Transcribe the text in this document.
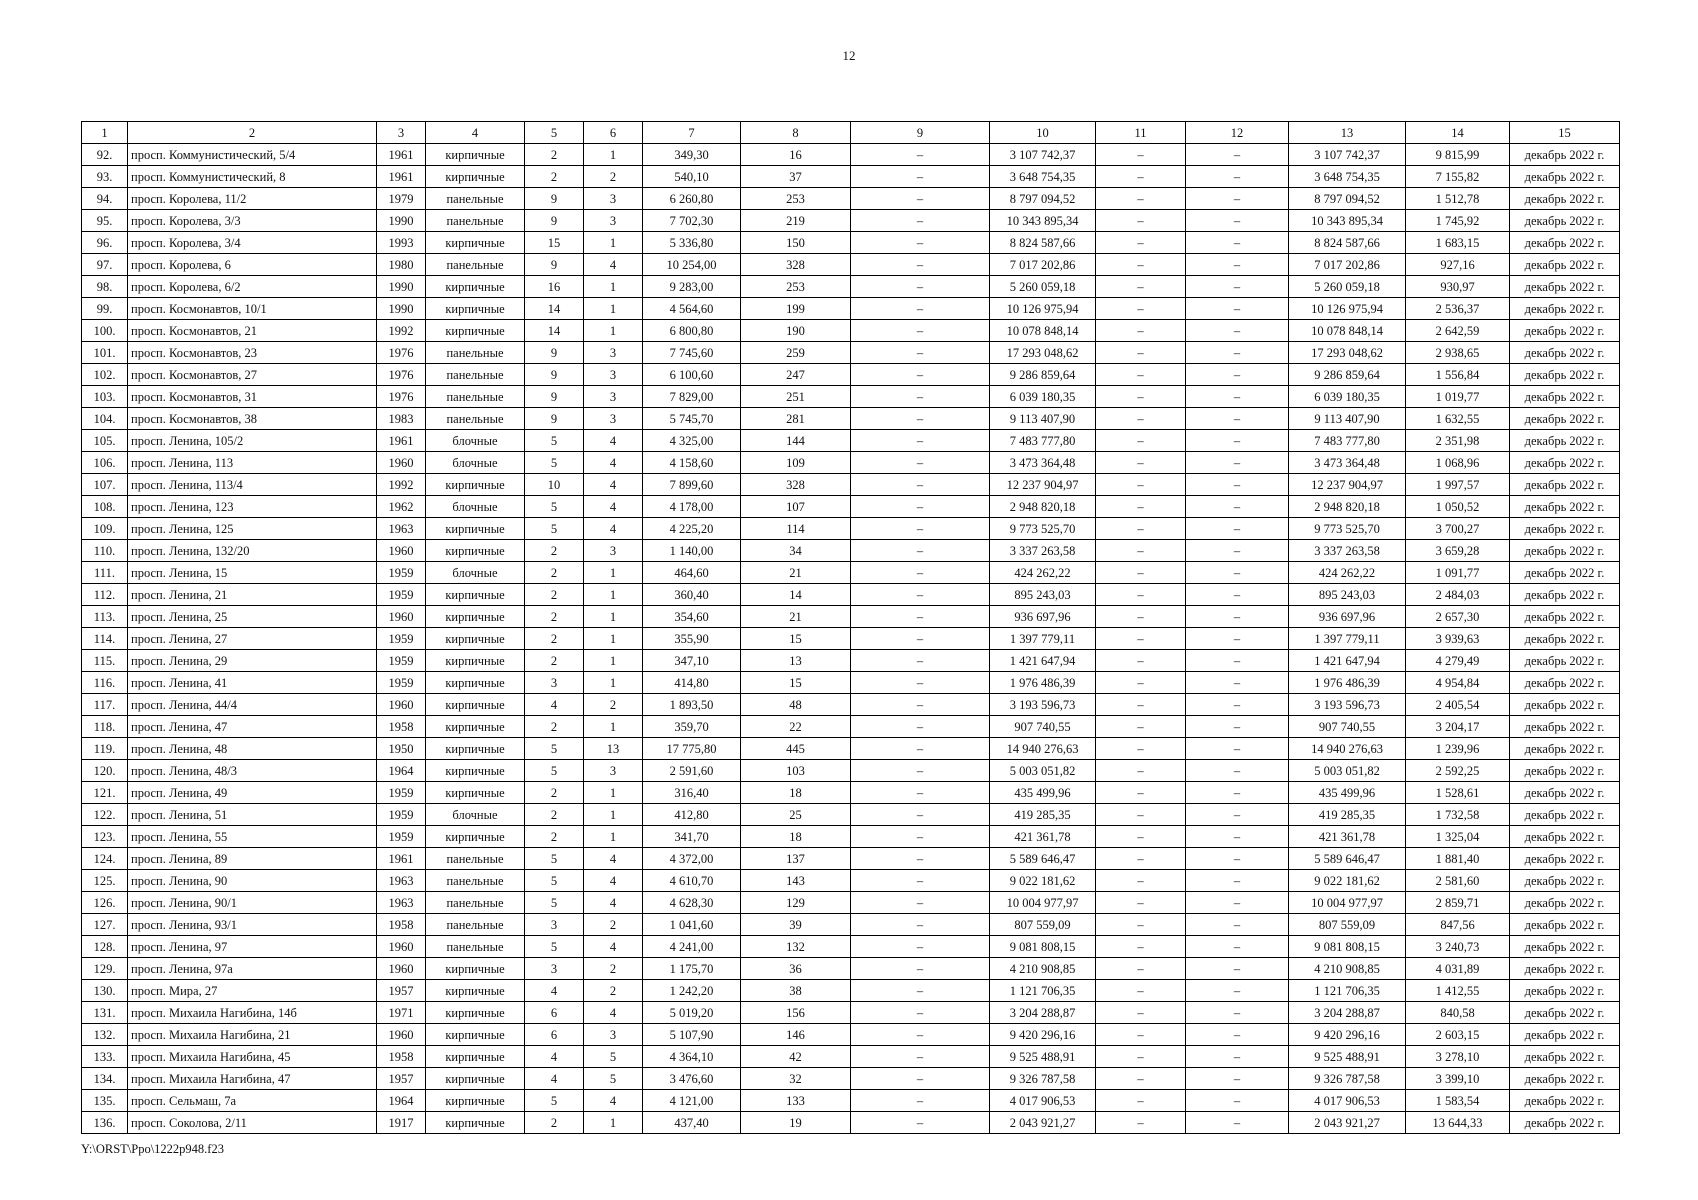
12
1	2	3	4	5	6	7	8	9	10	11	12	13	14	15
92.	просп. Коммунистический, 5/4	1961	кирпичные	2	1	349,30	16	–	3 107 742,37	–	–	3 107 742,37	9 815,99	декабрь 2022 г.
93.	просп. Коммунистический, 8	1961	кирпичные	2	2	540,10	37	–	3 648 754,35	–	–	3 648 754,35	7 155,82	декабрь 2022 г.
94.	просп. Королева, 11/2	1979	панельные	9	3	6 260,80	253	–	8 797 094,52	–	–	8 797 094,52	1 512,78	декабрь 2022 г.
95.	просп. Королева, 3/3	1990	панельные	9	3	7 702,30	219	–	10 343 895,34	–	–	10 343 895,34	1 745,92	декабрь 2022 г.
96.	просп. Королева, 3/4	1993	кирпичные	15	1	5 336,80	150	–	8 824 587,66	–	–	8 824 587,66	1 683,15	декабрь 2022 г.
97.	просп. Королева, 6	1980	панельные	9	4	10 254,00	328	–	7 017 202,86	–	–	7 017 202,86	927,16	декабрь 2022 г.
98.	просп. Королева, 6/2	1990	кирпичные	16	1	9 283,00	253	–	5 260 059,18	–	–	5 260 059,18	930,97	декабрь 2022 г.
99.	просп. Космонавтов, 10/1	1990	кирпичные	14	1	4 564,60	199	–	10 126 975,94	–	–	10 126 975,94	2 536,37	декабрь 2022 г.
100.	просп. Космонавтов, 21	1992	кирпичные	14	1	6 800,80	190	–	10 078 848,14	–	–	10 078 848,14	2 642,59	декабрь 2022 г.
101.	просп. Космонавтов, 23	1976	панельные	9	3	7 745,60	259	–	17 293 048,62	–	–	17 293 048,62	2 938,65	декабрь 2022 г.
102.	просп. Космонавтов, 27	1976	панельные	9	3	6 100,60	247	–	9 286 859,64	–	–	9 286 859,64	1 556,84	декабрь 2022 г.
103.	просп. Космонавтов, 31	1976	панельные	9	3	7 829,00	251	–	6 039 180,35	–	–	6 039 180,35	1 019,77	декабрь 2022 г.
104.	просп. Космонавтов, 38	1983	панельные	9	3	5 745,70	281	–	9 113 407,90	–	–	9 113 407,90	1 632,55	декабрь 2022 г.
105.	просп. Ленина, 105/2	1961	блочные	5	4	4 325,00	144	–	7 483 777,80	–	–	7 483 777,80	2 351,98	декабрь 2022 г.
106.	просп. Ленина, 113	1960	блочные	5	4	4 158,60	109	–	3 473 364,48	–	–	3 473 364,48	1 068,96	декабрь 2022 г.
107.	просп. Ленина, 113/4	1992	кирпичные	10	4	7 899,60	328	–	12 237 904,97	–	–	12 237 904,97	1 997,57	декабрь 2022 г.
108.	просп. Ленина, 123	1962	блочные	5	4	4 178,00	107	–	2 948 820,18	–	–	2 948 820,18	1 050,52	декабрь 2022 г.
109.	просп. Ленина, 125	1963	кирпичные	5	4	4 225,20	114	–	9 773 525,70	–	–	9 773 525,70	3 700,27	декабрь 2022 г.
110.	просп. Ленина, 132/20	1960	кирпичные	2	3	1 140,00	34	–	3 337 263,58	–	–	3 337 263,58	3 659,28	декабрь 2022 г.
111.	просп. Ленина, 15	1959	блочные	2	1	464,60	21	–	424 262,22	–	–	424 262,22	1 091,77	декабрь 2022 г.
112.	просп. Ленина, 21	1959	кирпичные	2	1	360,40	14	–	895 243,03	–	–	895 243,03	2 484,03	декабрь 2022 г.
113.	просп. Ленина, 25	1960	кирпичные	2	1	354,60	21	–	936 697,96	–	–	936 697,96	2 657,30	декабрь 2022 г.
114.	просп. Ленина, 27	1959	кирпичные	2	1	355,90	15	–	1 397 779,11	–	–	1 397 779,11	3 939,63	декабрь 2022 г.
115.	просп. Ленина, 29	1959	кирпичные	2	1	347,10	13	–	1 421 647,94	–	–	1 421 647,94	4 279,49	декабрь 2022 г.
116.	просп. Ленина, 41	1959	кирпичные	3	1	414,80	15	–	1 976 486,39	–	–	1 976 486,39	4 954,84	декабрь 2022 г.
117.	просп. Ленина, 44/4	1960	кирпичные	4	2	1 893,50	48	–	3 193 596,73	–	–	3 193 596,73	2 405,54	декабрь 2022 г.
118.	просп. Ленина, 47	1958	кирпичные	2	1	359,70	22	–	907 740,55	–	–	907 740,55	3 204,17	декабрь 2022 г.
119.	просп. Ленина, 48	1950	кирпичные	5	13	17 775,80	445	–	14 940 276,63	–	–	14 940 276,63	1 239,96	декабрь 2022 г.
120.	просп. Ленина, 48/3	1964	кирпичные	5	3	2 591,60	103	–	5 003 051,82	–	–	5 003 051,82	2 592,25	декабрь 2022 г.
121.	просп. Ленина, 49	1959	кирпичные	2	1	316,40	18	–	435 499,96	–	–	435 499,96	1 528,61	декабрь 2022 г.
122.	просп. Ленина, 51	1959	блочные	2	1	412,80	25	–	419 285,35	–	–	419 285,35	1 732,58	декабрь 2022 г.
123.	просп. Ленина, 55	1959	кирпичные	2	1	341,70	18	–	421 361,78	–	–	421 361,78	1 325,04	декабрь 2022 г.
124.	просп. Ленина, 89	1961	панельные	5	4	4 372,00	137	–	5 589 646,47	–	–	5 589 646,47	1 881,40	декабрь 2022 г.
125.	просп. Ленина, 90	1963	панельные	5	4	4 610,70	143	–	9 022 181,62	–	–	9 022 181,62	2 581,60	декабрь 2022 г.
126.	просп. Ленина, 90/1	1963	панельные	5	4	4 628,30	129	–	10 004 977,97	–	–	10 004 977,97	2 859,71	декабрь 2022 г.
127.	просп. Ленина, 93/1	1958	панельные	3	2	1 041,60	39	–	807 559,09	–	–	807 559,09	847,56	декабрь 2022 г.
128.	просп. Ленина, 97	1960	панельные	5	4	4 241,00	132	–	9 081 808,15	–	–	9 081 808,15	3 240,73	декабрь 2022 г.
129.	просп. Ленина, 97а	1960	кирпичные	3	2	1 175,70	36	–	4 210 908,85	–	–	4 210 908,85	4 031,89	декабрь 2022 г.
130.	просп. Мира, 27	1957	кирпичные	4	2	1 242,20	38	–	1 121 706,35	–	–	1 121 706,35	1 412,55	декабрь 2022 г.
131.	просп. Михаила Нагибина, 14б	1971	кирпичные	6	4	5 019,20	156	–	3 204 288,87	–	–	3 204 288,87	840,58	декабрь 2022 г.
132.	просп. Михаила Нагибина, 21	1960	кирпичные	6	3	5 107,90	146	–	9 420 296,16	–	–	9 420 296,16	2 603,15	декабрь 2022 г.
133.	просп. Михаила Нагибина, 45	1958	кирпичные	4	5	4 364,10	42	–	9 525 488,91	–	–	9 525 488,91	3 278,10	декабрь 2022 г.
134.	просп. Михаила Нагибина, 47	1957	кирпичные	4	5	3 476,60	32	–	9 326 787,58	–	–	9 326 787,58	3 399,10	декабрь 2022 г.
135.	просп. Сельмаш, 7а	1964	кирпичные	5	4	4 121,00	133	–	4 017 906,53	–	–	4 017 906,53	1 583,54	декабрь 2022 г.
136.	просп. Соколова, 2/11	1917	кирпичные	2	1	437,40	19	–	2 043 921,27	–	–	2 043 921,27	13 644,33	декабрь 2022 г.
Y:\ORST\Ppo\1222p948.f23
